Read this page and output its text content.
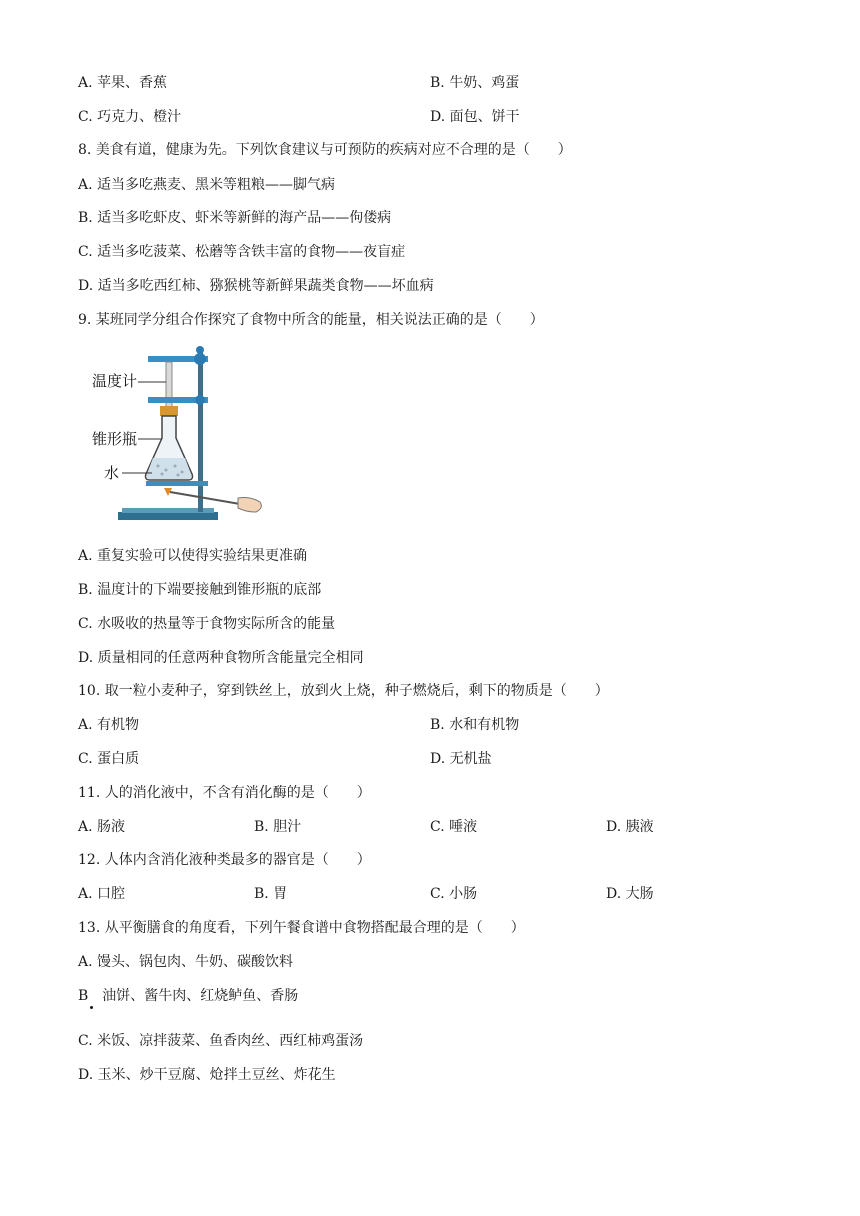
A. 苹果、香蕉	B. 牛奶、鸡蛋
C. 巧克力、橙汁	D. 面包、饼干
8. 美食有道，健康为先。下列饮食建议与可预防的疾病对应不合理的是（　　）
A. 适当多吃燕麦、黑米等粗粮——脚气病
B. 适当多吃虾皮、虾米等新鲜的海产品——佝偻病
C. 适当多吃菠菜、松蘑等含铁丰富的食物——夜盲症
D. 适当多吃西红柿、猕猴桃等新鲜果蔬类食物——坏血病
9. 某班同学分组合作探究了食物中所含的能量，相关说法正确的是（　　）
温度计
锥形瓶
水
A. 重复实验可以使得实验结果更准确
B. 温度计的下端要接触到锥形瓶的底部
C. 水吸收的热量等于食物实际所含的能量
D. 质量相同的任意两种食物所含能量完全相同
10. 取一粒小麦种子，穿到铁丝上，放到火上烧，种子燃烧后，剩下的物质是（　　）
A. 有机物	B. 水和有机物
C. 蛋白质	D. 无机盐
11. 人的消化液中，不含有消化酶的是（　　）
A. 肠液	B. 胆汁	C. 唾液	D. 胰液
12. 人体内含消化液种类最多的器官是（　　）
A. 口腔	B. 胃	C. 小肠	D. 大肠
13. 从平衡膳食的角度看，下列午餐食谱中食物搭配最合理的是（　　）
A. 馒头、锅包肉、牛奶、碳酸饮料
B　油饼、酱牛肉、红烧鲈鱼、香肠
C. 米饭、凉拌菠菜、鱼香肉丝、西红柿鸡蛋汤
D. 玉米、炒干豆腐、炝拌土豆丝、炸花生
